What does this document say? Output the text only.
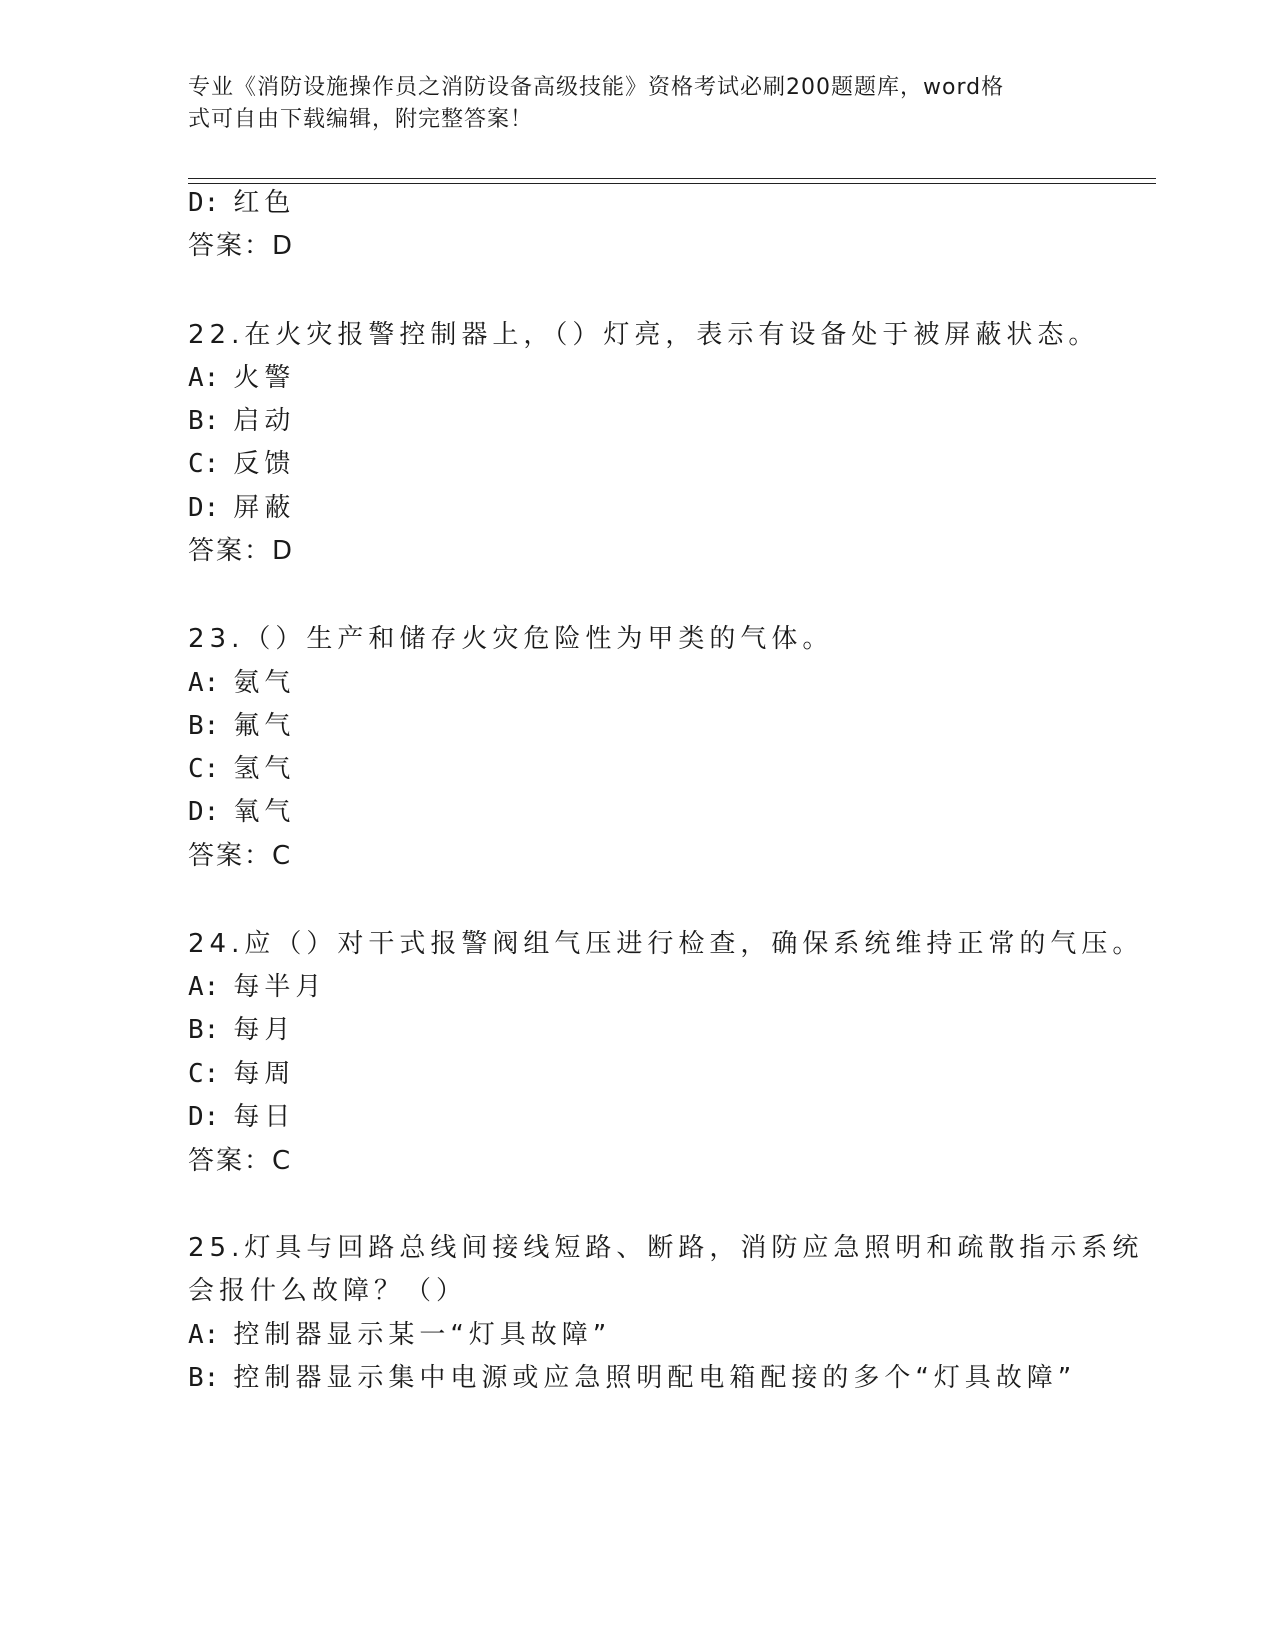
专业《消防设施操作员之消防设备高级技能》资格考试必刷200题题库，word格
式可自由下载编辑，附完整答案！
D: 红色
答案：D
22.在火灾报警控制器上，（）灯亮，表示有设备处于被屏蔽状态。
A: 火警
B: 启动
C: 反馈
D: 屏蔽
答案：D
23.（）生产和储存火灾危险性为甲类的气体。
A: 氨气
B: 氟气
C: 氢气
D: 氧气
答案：C
24.应（）对干式报警阀组气压进行检查，确保系统维持正常的气压。
A: 每半月
B: 每月
C: 每周
D: 每日
答案：C
25.灯具与回路总线间接线短路、断路，消防应急照明和疏散指示系统
会报什么故障？（）
A: 控制器显示某一“灯具故障”
B: 控制器显示集中电源或应急照明配电箱配接的多个“灯具故障”
